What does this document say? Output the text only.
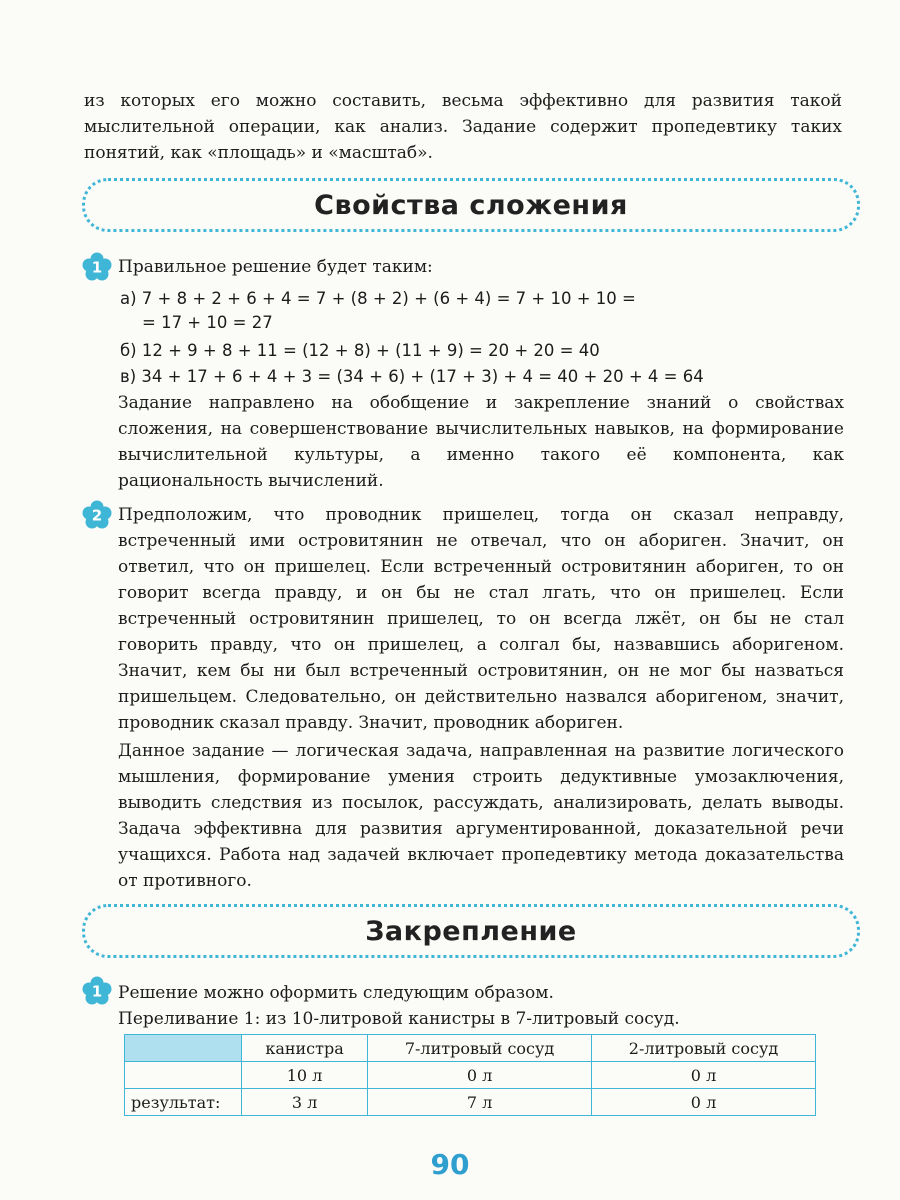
из которых его можно составить, весьма эффективно для развития такой мыслительной операции, как анализ. Задание содержит пропедевтику таких понятий, как «площадь» и «масштаб».

Свойства сложения
1 Правильное решение будет таким:

а) 7 + 8 + 2 + 6 + 4 = 7 + (8 + 2) + (6 + 4) = 7 + 10 + 10 =

= 17 + 10 = 27

б) 12 + 9 + 8 + 11 = (12 + 8) + (11 + 9) = 20 + 20 = 40

в) 34 + 17 + 6 + 4 + 3 = (34 + 6) + (17 + 3) + 4 = 40 + 20 + 4 = 64

Задание направлено на обобщение и закрепление знаний о свойствах сложения, на совершенствование вычислительных навыков, на формирование вычислительной культуры, а именно такого её компонента, как рациональность вычислений.

2 Предположим, что проводник пришелец, тогда он сказал неправду, встреченный ими островитянин не отвечал, что он абориген. Значит, он ответил, что он пришелец. Если встреченный островитянин абориген, то он говорит всегда правду, и он бы не стал лгать, что он пришелец. Если встреченный островитянин пришелец, то он всегда лжёт, он бы не стал говорить правду, что он пришелец, а солгал бы, назвавшись аборигеном. Значит, кем бы ни был встреченный островитянин, он не мог бы назваться пришельцем. Следовательно, он действительно назвался аборигеном, значит, проводник сказал правду. Значит, проводник абориген.

Данное задание — логическая задача, направленная на развитие логического мышления, формирование умения строить дедуктивные умозаключения, выводить следствия из посылок, рассуждать, анализировать, делать выводы. Задача эффективна для развития аргументированной, доказательной речи учащихся. Работа над задачей включает пропедевтику метода доказательства от противного.

Закрепление
1 Решение можно оформить следующим образом.

Переливание 1: из 10-литровой канистры в 7-литровый сосуд.

	канистра	7-литровый сосуд	2-литровый сосуд
	10 л	0 л	0 л
результат:	3 л	7 л	0 л
90
